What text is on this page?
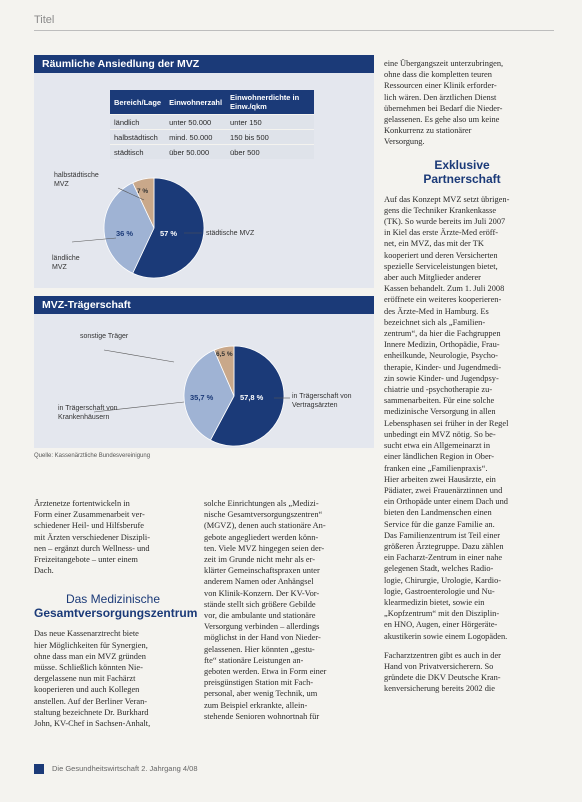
Titel
Räumliche Ansiedlung der MVZ
Bereich/Lage	Einwohnerzahl	Einwohnerdichte in Einw./qkm
ländlich	unter 50.000	unter 150
halbstädtisch	mind. 50.000	150 bis 500
städtisch	über 50.000	über 500
halbstädtische MVZ
ländliche MVZ
städtische MVZ
57 %
36 %
7 %
MVZ-Trägerschaft
sonstige Träger
in Trägerschaft von Krankenhäusern
in Trägerschaft von Vertragsärzten
57,8 %
35,7 %
6,5 %
Quelle: Kassenärztliche Bundesvereinigung

Ärztenetze fortentwickeln in
Form einer Zusammenarbeit ver-
schiedener Heil- und Hilfsberufe
mit Ärzten verschiedener Diszipli-
nen – ergänzt durch Wellness- und
Freizeitangebote – unter einem
Dach.

Das Medizinische
Gesamtversorgungszentrum

Das neue Kassenarztrecht biete
hier Möglichkeiten für Synergien,
ohne dass man ein MVZ gründen
müsse. Schließlich könnten Nie-
dergelassene nun mit Fachärzt
kooperieren und auch Kollegen
anstellen. Auf der Berliner Veran-
staltung bezeichnete Dr. Burkhard
John, KV-Chef in Sachsen-Anhalt,

solche Einrichtungen als „Medizi-
nische Gesamtversorgungszentren“
(MGVZ), denen auch stationäre An-
gebote angegliedert werden könn-
ten. Viele MVZ hingegen seien der-
zeit im Grunde nicht mehr als er-
klärter Gemeinschaftspraxen unter
anderem Namen oder Anhängsel
von Klinik-Konzern. Der KV-Vor-
stände stellt sich größere Gebilde
vor, die ambulante und stationäre
Versorgung verbinden – allerdings
möglichst in der Hand von Nieder-
gelassenen. Hier könnten „gestu-
fte“ stationäre Leistungen an-
geboten werden. Etwa in Form einer
preisgünstigen Station mit Fach-
personal, aber wenig Technik, um
zum Beispiel erkrankte, allein-
stehende Senioren wohnortnah für

eine Übergangszeit unterzubringen,
ohne dass die kompletten teuren
Ressourcen einer Klinik erforder-
lich wären. Den ärztlichen Dienst
übernehmen bei Bedarf die Nieder-
gelassenen. Es gehe also um keine
Konkurrenz zu stationärer
Versorgung.

Exklusive
Partnerschaft

Auf das Konzept MVZ setzt übrigen-
gens die Techniker Krankenkasse
(TK). So wurde bereits im Juli 2007
in Kiel das erste Ärzte-Med eröff-
net, ein MVZ, das mit der TK
kooperiert und deren Versicherten
spezielle Serviceleistungen bietet,
aber auch Mitglieder anderer
Kassen behandelt. Zum 1. Juli 2008
eröffnete ein weiteres kooperieren-
des Ärzte-Med in Hamburg. Es
bezeichnet sich als „Familien-
zentrum“, da hier die Fachgruppen
Innere Medizin, Orthopädie, Frau-
enheilkunde, Neurologie, Psycho-
therapie, Kinder- und Jugendmedi-
zin sowie Kinder- und Jugendpsy-
chiatrie und -psychotherapie zu-
sammenarbeiten. Für eine solche
medizinische Versorgung in allen
Lebensphasen sei früher in der Regel
unbedingt ein MVZ nötig. So be-
sucht etwa ein Allgemeinarzt in
einer ländlichen Region in Ober-
franken eine „Familienpraxis“.
Hier arbeiten zwei Hausärzte, ein
Pädiater, zwei Frauenärztinnen und
ein Orthopäde unter einem Dach und
bieten den Landmenschen einen
Service für die ganze Familie an.
Das Familienzentrum ist Teil einer
größeren Ärztegruppe. Dazu zählen
ein Facharzt-Zentrum in einer nahe
gelegenen Stadt, welches Radio-
logie, Chirurgie, Urologie, Kardio-
logie, Gastroenterologie und Nu-
klearmedizin bietet, sowie ein
„Kopfzentrum“ mit den Disziplin-
en HNO, Augen, einer Hörgeräte-
akustikerin sowie einem Logopäden.

Facharztzentren gibt es auch in der
Hand von Privatversicherern. So
gründete die DKV Deutsche Kran-
kenversicherung bereits 2002 die

Die Gesundheitswirtschaft 2. Jahrgang 4/08
